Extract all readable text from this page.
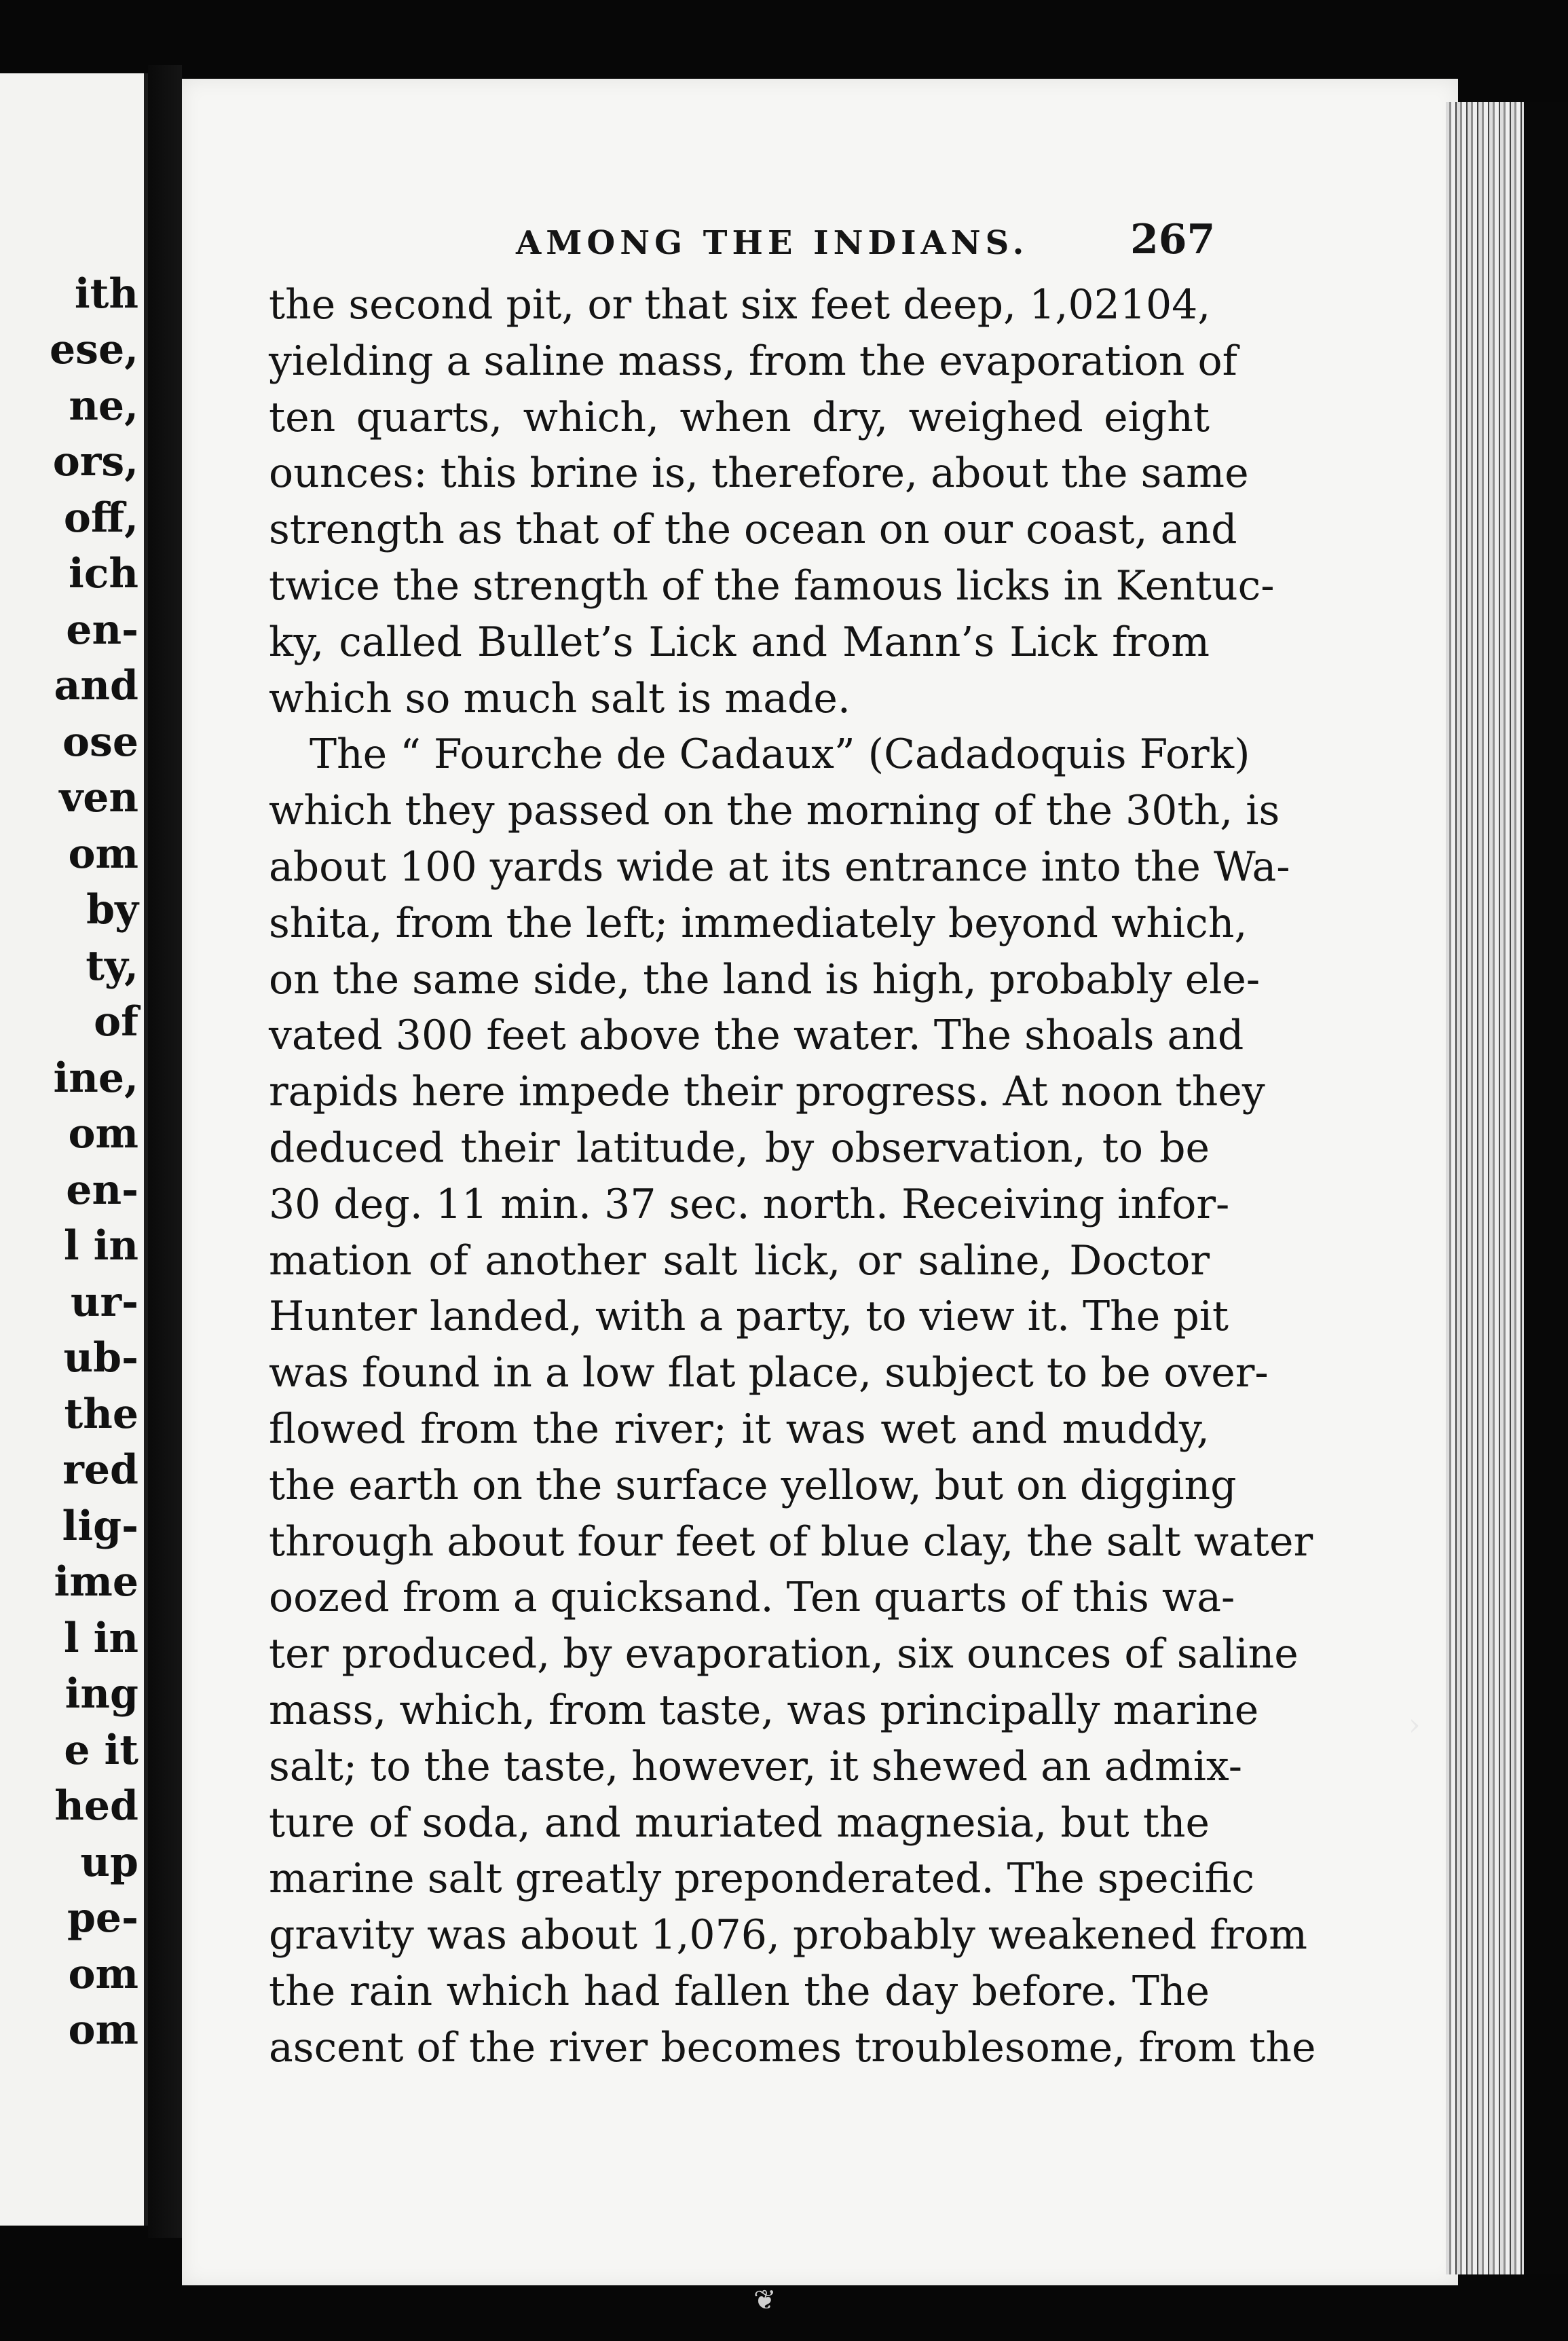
ith
ese,
ne,
ors,
off,
ich
en-
and
ose
ven
om
by
ty,
of
ine,
om
en-
l in
ur-
ub-
the
red
lig-
ime
l in
ing
e it
hed
up
pe-
om
om
AMONG THE INDIANS. 267
the second pit, or that six feet deep, 1,02104,
yielding a saline mass, from the evaporation of
ten quarts, which, when dry, weighed eight
ounces: this brine is, therefore, about the same
strength as that of the ocean on our coast, and
twice the strength of the famous licks in Kentuc-
ky, called Bullet’s Lick and Mann’s Lick from
which so much salt is made.
The “ Fourche de Cadaux” (Cadadoquis Fork)
which they passed on the morning of the 30th, is
about 100 yards wide at its entrance into the Wa-
shita, from the left; immediately beyond which,
on the same side, the land is high, probably ele-
vated 300 feet above the water. The shoals and
rapids here impede their progress. At noon they
deduced their latitude, by observation, to be
30 deg. 11 min. 37 sec. north. Receiving infor-
mation of another salt lick, or saline, Doctor
Hunter landed, with a party, to view it. The pit
was found in a low flat place, subject to be over-
flowed from the river; it was wet and muddy,
the earth on the surface yellow, but on digging
through about four feet of blue clay, the salt water
oozed from a quicksand. Ten quarts of this wa-
ter produced, by evaporation, six ounces of saline
mass, which, from taste, was principally marine
salt; to the taste, however, it shewed an admix-
ture of soda, and muriated magnesia, but the
marine salt greatly preponderated. The specific
gravity was about 1,076, probably weakened from
the rain which had fallen the day before. The
ascent of the river becomes troublesome, from the
❦
›
